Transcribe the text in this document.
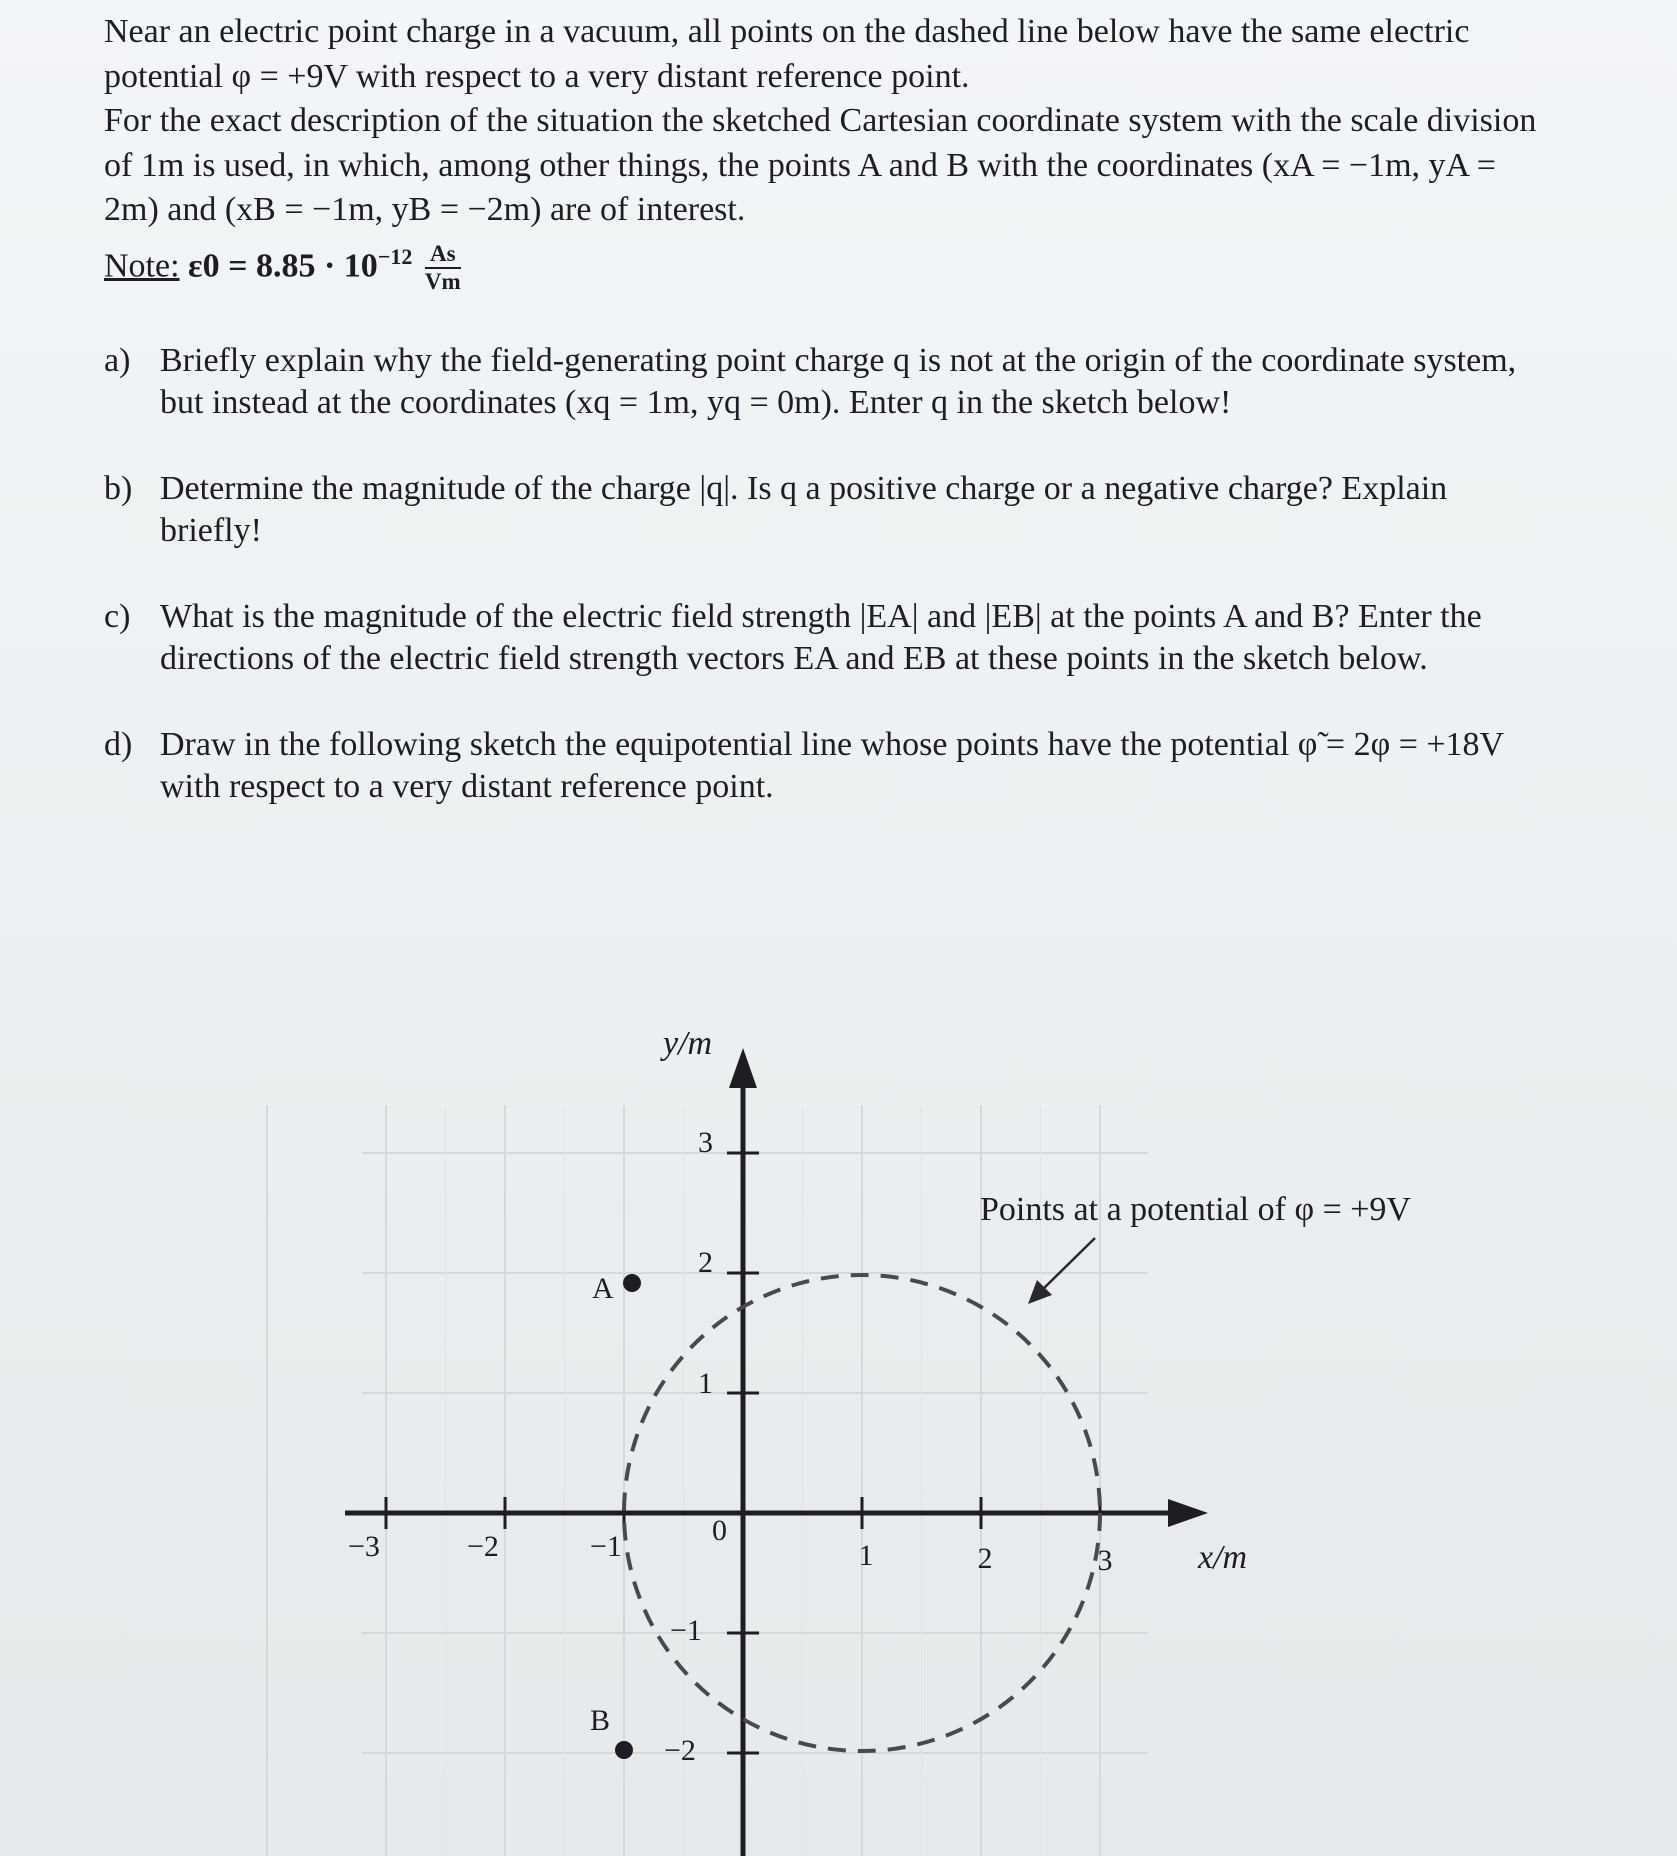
Near an electric point charge in a vacuum, all points on the dashed line below have the same electric potential φ = +9V with respect to a very distant reference point.

For the exact description of the situation the sketched Cartesian coordinate system with the scale division of 1m is used, in which, among other things, the points A and B with the coordinates (xA = −1m, yA = 2m) and (xB = −1m, yB = −2m) are of interest.

Note: $\varepsilon 0 = 8.85 \cdot 10^{-12} \frac{As}{Vm}$

a) Briefly explain why the field-generating point charge q is not at the origin of the coordinate system, but instead at the coordinates (xq = 1m, yq = 0m). Enter q in the sketch below!
b) Determine the magnitude of the charge |q|. Is q a positive charge or a negative charge? Explain briefly!
c) What is the magnitude of the electric field strength |EA| and |EB| at the points A and B? Enter the directions of the electric field strength vectors EA and EB at these points in the sketch below.
d) Draw in the following sketch the equipotential line whose points have the potential φ̃ = 2φ = +18V with respect to a very distant reference point.
y/m
x/m
0
−3	−2	−1	1	2	3
3
2
1
−1
−2
A
B
Points at a potential of φ = +9V
